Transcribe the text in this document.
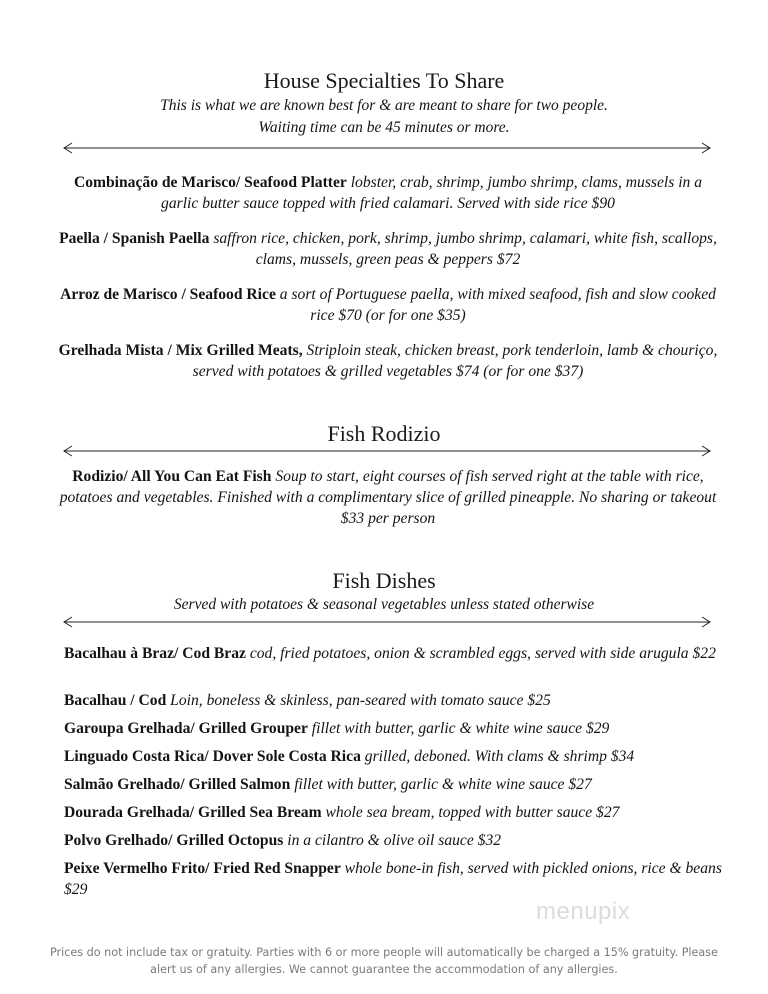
House Specialties To Share
This is what we are known best for & are meant to share for two people.
Waiting time can be 45 minutes or more.
Combinação de Marisco/ Seafood Platter lobster, crab, shrimp, jumbo shrimp, clams, mussels in a garlic butter sauce topped with fried calamari. Served with side rice $90
Paella / Spanish Paella saffron rice, chicken, pork, shrimp, jumbo shrimp, calamari, white fish, scallops, clams, mussels, green peas & peppers $72
Arroz de Marisco / Seafood Rice a sort of Portuguese paella, with mixed seafood, fish and slow cooked rice $70 (or for one $35)
Grelhada Mista / Mix Grilled Meats, Striploin steak, chicken breast, pork tenderloin, lamb & chouriço, served with potatoes & grilled vegetables $74 (or for one $37)
Fish Rodizio
Rodizio/ All You Can Eat Fish Soup to start, eight courses of fish served right at the table with rice, potatoes and vegetables. Finished with a complimentary slice of grilled pineapple. No sharing or takeout $33 per person
Fish Dishes
Served with potatoes & seasonal vegetables unless stated otherwise
Bacalhau à Braz/ Cod Braz cod, fried potatoes, onion & scrambled eggs, served with side arugula $22
Bacalhau / Cod Loin, boneless & skinless, pan-seared with tomato sauce $25
Garoupa Grelhada/ Grilled Grouper fillet with butter, garlic & white wine sauce $29
Linguado Costa Rica/ Dover Sole Costa Rica grilled, deboned. With clams & shrimp $34
Salmão Grelhado/ Grilled Salmon fillet with butter, garlic & white wine sauce $27
Dourada Grelhada/ Grilled Sea Bream whole sea bream, topped with butter sauce $27
Polvo Grelhado/ Grilled Octopus in a cilantro & olive oil sauce $32
Peixe Vermelho Frito/ Fried Red Snapper whole bone-in fish, served with pickled onions, rice & beans $29
menupix
Prices do not include tax or gratuity. Parties with 6 or more people will automatically be charged a 15% gratuity. Please
alert us of any allergies. We cannot guarantee the accommodation of any allergies.
